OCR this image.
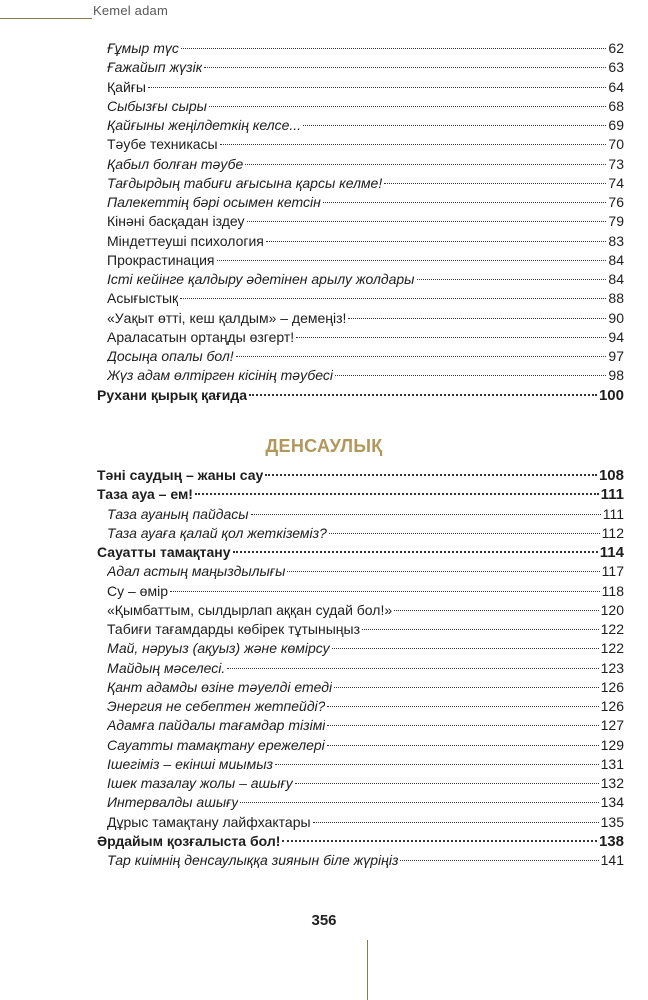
Kemel adam
Ғұмыр түс	62
Ғажайып жүзік	63
Қайғы	64
Сыбызғы сыры	68
Қайғыны жеңілдеткің келсе...	69
Тәубе техникасы	70
Қабыл болған тәубе	73
Тағдырдың табиғи ағысына қарсы келме!	74
Палекеттің бәрі осымен кетсін	76
Кінәні басқадан іздеу	79
Міндеттеуші психология	83
Прокрастинация	84
Істі кейінге қалдыру әдетінен арылу жолдары	84
Асығыстық	88
«Уақыт өтті, кеш қалдым» – демеңіз!	90
Араласатын ортаңды өзгерт!	94
Досыңа опалы бол!	97
Жүз адам өлтірген кісінің тәубесі	98
Рухани қырық қағида	100
ДЕНСАУЛЫҚ
Тәні саудың – жаны сау	108
Таза ауа – ем!	111
Таза ауаның пайдасы	111
Таза ауаға қалай қол жеткіземіз?	112
Сауатты тамақтану	114
Адал астың маңыздылығы	117
Су – өмір	118
«Қымбаттым, сылдырлап аққан судай бол!»	120
Табиғи тағамдарды көбірек тұтыныңыз	122
Май, нәруыз (ақуыз) және көмірсу	122
Майдың мәселесі.	123
Қант адамды өзіне тәуелді етеді	126
Энергия не себептен жетпейді?	126
Адамға пайдалы тағамдар тізімі	127
Сауатты тамақтану ережелері	129
Ішегіміз – екінші миымыз	131
Ішек тазалау жолы – ашығу	132
Интервалды ашығу	134
Дұрыс тамақтану лайфхактары	135
Әрдайым қозғалыста бол!	138
Тар киімнің денсаулыққа зиянын біле жүріңіз	141
356
